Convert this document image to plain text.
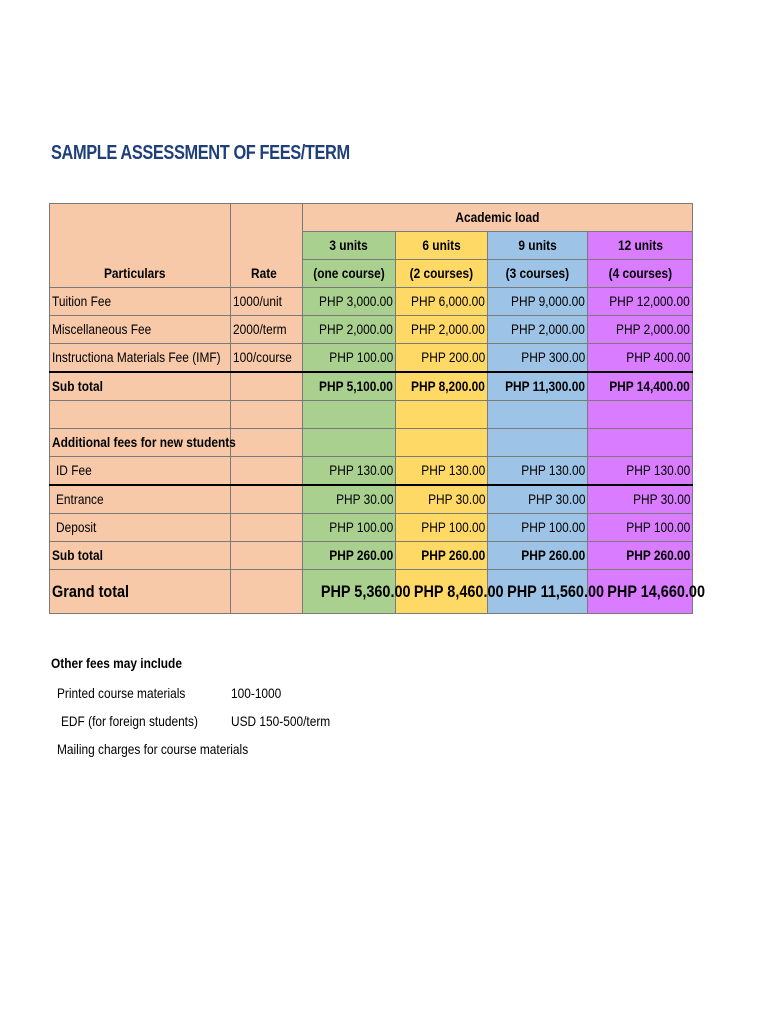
SAMPLE ASSESSMENT OF FEES/TERM
Particulars	Rate	Academic load			
		3 units	6 units	9 units	12 units
		(one course)	(2 courses)	(3 courses)	(4 courses)
Tuition Fee	1000/unit	PHP 3,000.00	PHP 6,000.00	PHP 9,000.00	PHP 12,000.00
Miscellaneous Fee	2000/term	PHP 2,000.00	PHP 2,000.00	PHP 2,000.00	PHP 2,000.00
Instructiona Materials Fee (IMF)	100/course	PHP 100.00	PHP 200.00	PHP 300.00	PHP 400.00
Sub total		PHP 5,100.00	PHP 8,200.00	PHP 11,300.00	PHP 14,400.00

Additional fees for new students					
ID Fee		PHP 130.00	PHP 130.00	PHP 130.00	PHP 130.00
Entrance		PHP 30.00	PHP 30.00	PHP 30.00	PHP 30.00
Deposit		PHP 100.00	PHP 100.00	PHP 100.00	PHP 100.00
Sub total		PHP 260.00	PHP 260.00	PHP 260.00	PHP 260.00
Grand total		PHP 5,360.00	PHP 8,460.00	PHP 11,560.00	PHP 14,660.00
Other fees may include
Printed course materials	100-1000
EDF (for foreign students)	USD 150-500/term
Mailing charges for course materials
